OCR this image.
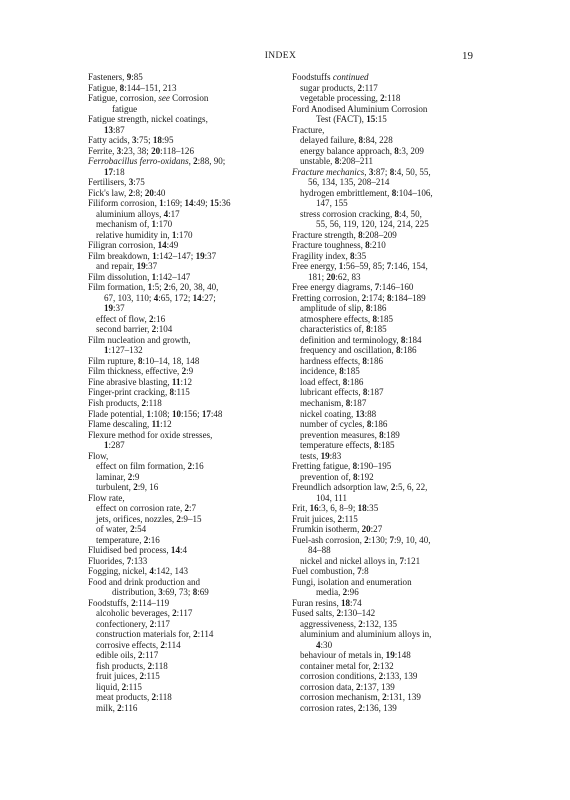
INDEX	19
Fasteners, 9:85
Fatigue, 8:144–151, 213
Fatigue, corrosion, see Corrosion
fatigue
Fatigue strength, nickel coatings,
13:87
Fatty acids, 3:75; 18:95
Ferrite, 3:23, 38; 20:118–126
Ferrobacillus ferro-oxidans, 2:88, 90;
17:18
Fertilisers, 3:75
Fick's law, 2:8; 20:40
Filiform corrosion, 1:169; 14:49; 15:36
aluminium alloys, 4:17
mechanism of, 1:170
relative humidity in, 1:170
Filigran corrosion, 14:49
Film breakdown, 1:142–147; 19:37
and repair, 19:37
Film dissolution, 1:142–147
Film formation, 1:5; 2:6, 20, 38, 40,
67, 103, 110; 4:65, 172; 14:27;
19:37
effect of flow, 2:16
second barrier, 2:104
Film nucleation and growth,
1:127–132
Film rupture, 8:10–14, 18, 148
Film thickness, effective, 2:9
Fine abrasive blasting, 11:12
Finger-print cracking, 8:115
Fish products, 2:118
Flade potential, 1:108; 10:156; 17:48
Flame descaling, 11:12
Flexure method for oxide stresses,
1:287
Flow,
effect on film formation, 2:16
laminar, 2:9
turbulent, 2:9, 16
Flow rate,
effect on corrosion rate, 2:7
jets, orifices, nozzles, 2:9–15
of water, 2:54
temperature, 2:16
Fluidised bed process, 14:4
Fluorides, 7:133
Fogging, nickel, 4:142, 143
Food and drink production and
distribution, 3:69, 73; 8:69
Foodstuffs, 2:114–119
alcoholic beverages, 2:117
confectionery, 2:117
construction materials for, 2:114
corrosive effects, 2:114
edible oils, 2:117
fish products, 2:118
fruit juices, 2:115
liquid, 2:115
meat products, 2:118
milk, 2:116
Foodstuffs continued
sugar products, 2:117
vegetable processing, 2:118
Ford Anodised Aluminium Corrosion
Test (FACT), 15:15
Fracture,
delayed failure, 8:84, 228
energy balance approach, 8:3, 209
unstable, 8:208–211
Fracture mechanics, 3:87; 8:4, 50, 55,
56, 134, 135, 208–214
hydrogen embrittlement, 8:104–106,
147, 155
stress corrosion cracking, 8:4, 50,
55, 56, 119, 120, 124, 214, 225
Fracture strength, 8:208–209
Fracture toughness, 8:210
Fragility index, 8:35
Free energy, 1:56–59, 85; 7:146, 154,
181; 20:62, 83
Free energy diagrams, 7:146–160
Fretting corrosion, 2:174; 8:184–189
amplitude of slip, 8:186
atmosphere effects, 8:185
characteristics of, 8:185
definition and terminology, 8:184
frequency and oscillation, 8:186
hardness effects, 8:186
incidence, 8:185
load effect, 8:186
lubricant effects, 8:187
mechanism, 8:187
nickel coating, 13:88
number of cycles, 8:186
prevention measures, 8:189
temperature effects, 8:185
tests, 19:83
Fretting fatigue, 8:190–195
prevention of, 8:192
Freundlich adsorption law, 2:5, 6, 22,
104, 111
Frit, 16:3, 6, 8–9; 18:35
Fruit juices, 2:115
Frumkin isotherm, 20:27
Fuel-ash corrosion, 2:130; 7:9, 10, 40,
84–88
nickel and nickel alloys in, 7:121
Fuel combustion, 7:8
Fungi, isolation and enumeration
media, 2:96
Furan resins, 18:74
Fused salts, 2:130–142
aggressiveness, 2:132, 135
aluminium and aluminium alloys in,
4:30
behaviour of metals in, 19:148
container metal for, 2:132
corrosion conditions, 2:133, 139
corrosion data, 2:137, 139
corrosion mechanism, 2:131, 139
corrosion rates, 2:136, 139
